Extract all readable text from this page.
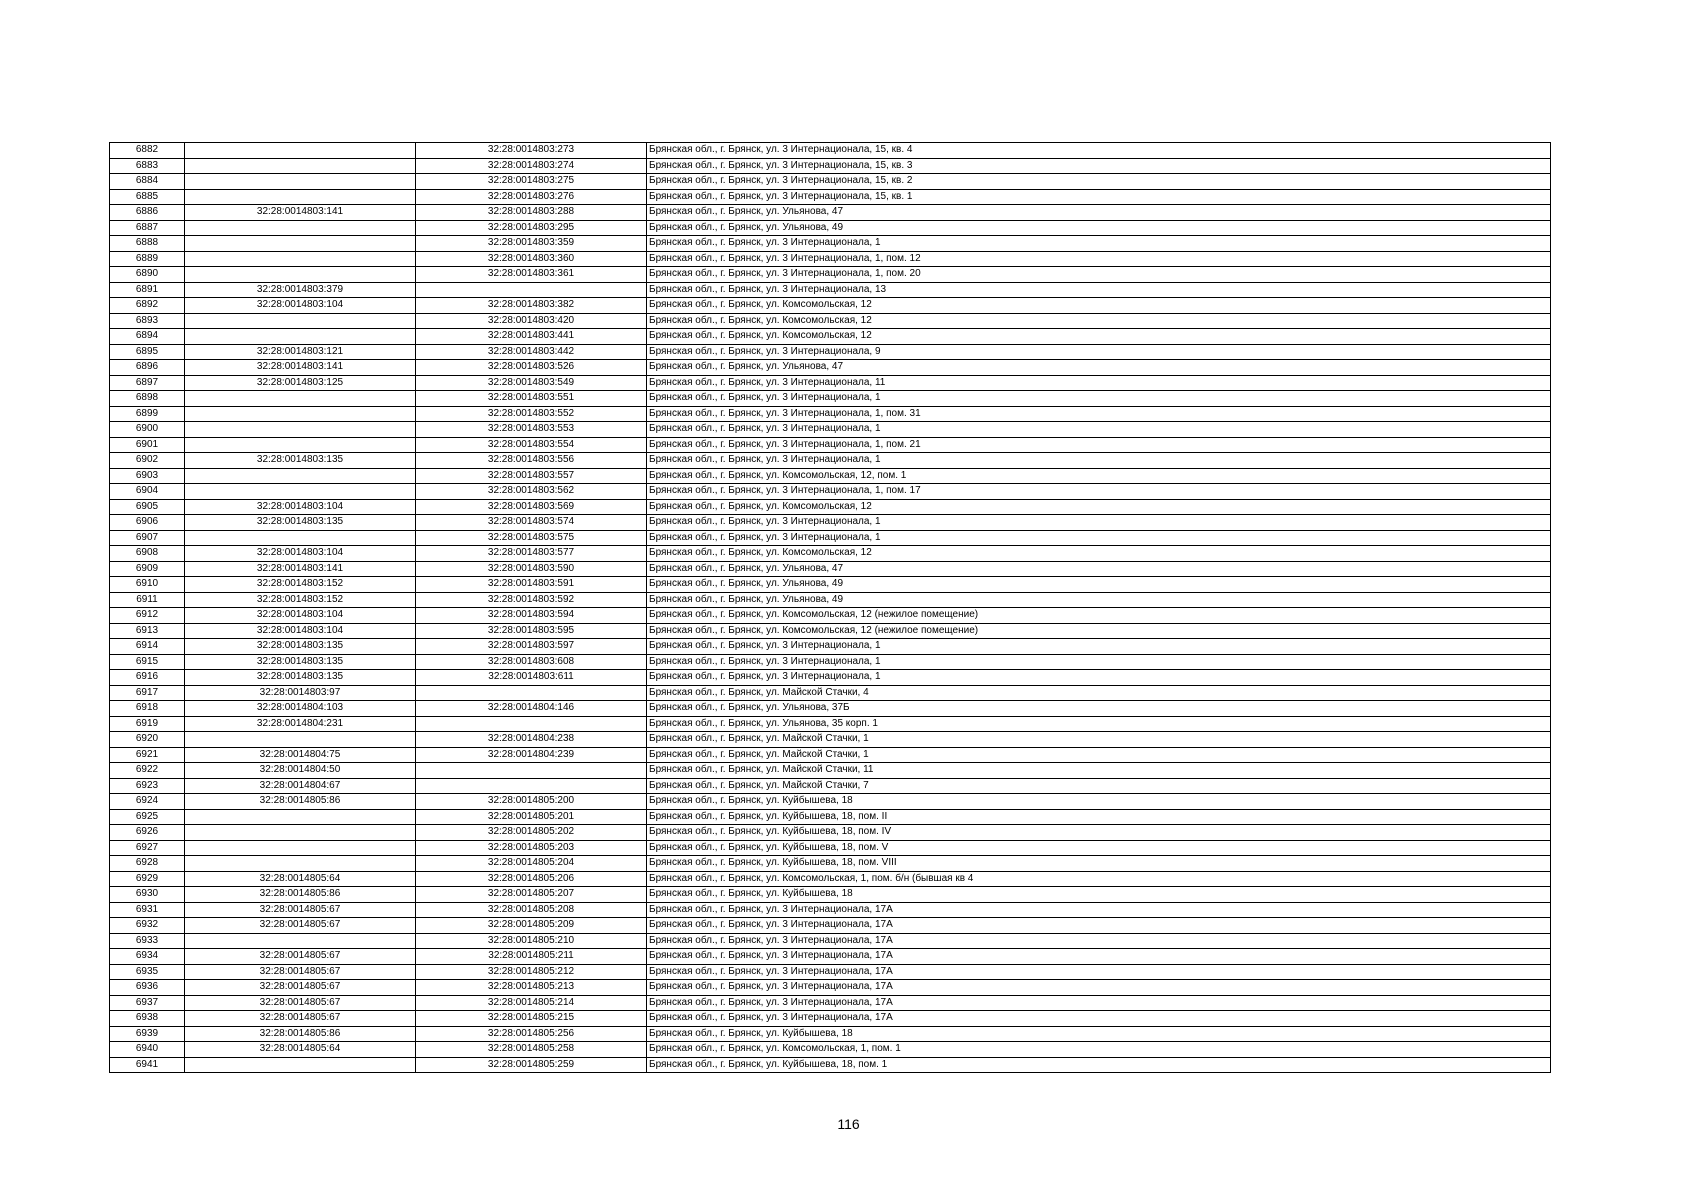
6882		32:28:0014803:273	Брянская обл., г. Брянск, ул. 3 Интернационала, 15, кв. 4
6883		32:28:0014803:274	Брянская обл., г. Брянск, ул. 3 Интернационала, 15, кв. 3
6884		32:28:0014803:275	Брянская обл., г. Брянск, ул. 3 Интернационала, 15, кв. 2
6885		32:28:0014803:276	Брянская обл., г. Брянск, ул. 3 Интернационала, 15, кв. 1
6886	32:28:0014803:141	32:28:0014803:288	Брянская обл., г. Брянск, ул. Ульянова, 47
6887		32:28:0014803:295	Брянская обл., г. Брянск, ул. Ульянова, 49
6888		32:28:0014803:359	Брянская обл., г. Брянск, ул. 3 Интернационала, 1
6889		32:28:0014803:360	Брянская обл., г. Брянск, ул. 3 Интернационала, 1, пом. 12
6890		32:28:0014803:361	Брянская обл., г. Брянск, ул. 3 Интернационала, 1, пом. 20
6891	32:28:0014803:379		Брянская обл., г. Брянск, ул. 3 Интернационала, 13
6892	32:28:0014803:104	32:28:0014803:382	Брянская обл., г. Брянск, ул. Комсомольская, 12
6893		32:28:0014803:420	Брянская обл., г. Брянск, ул. Комсомольская, 12
6894		32:28:0014803:441	Брянская обл., г. Брянск, ул. Комсомольская, 12
6895	32:28:0014803:121	32:28:0014803:442	Брянская обл., г. Брянск, ул. 3 Интернационала, 9
6896	32:28:0014803:141	32:28:0014803:526	Брянская обл., г. Брянск, ул. Ульянова, 47
6897	32:28:0014803:125	32:28:0014803:549	Брянская обл., г. Брянск, ул. 3 Интернационала, 11
6898		32:28:0014803:551	Брянская обл., г. Брянск, ул. 3 Интернационала, 1
6899		32:28:0014803:552	Брянская обл., г. Брянск, ул. 3 Интернационала, 1, пом. 31
6900		32:28:0014803:553	Брянская обл., г. Брянск, ул. 3 Интернационала, 1
6901		32:28:0014803:554	Брянская обл., г. Брянск, ул. 3 Интернационала, 1, пом. 21
6902	32:28:0014803:135	32:28:0014803:556	Брянская обл., г. Брянск, ул. 3 Интернационала, 1
6903		32:28:0014803:557	Брянская обл., г. Брянск, ул. Комсомольская, 12, пом. 1
6904		32:28:0014803:562	Брянская обл., г. Брянск, ул. 3 Интернационала, 1, пом. 17
6905	32:28:0014803:104	32:28:0014803:569	Брянская обл., г. Брянск, ул. Комсомольская, 12
6906	32:28:0014803:135	32:28:0014803:574	Брянская обл., г. Брянск, ул. 3 Интернационала, 1
6907		32:28:0014803:575	Брянская обл., г. Брянск, ул. 3 Интернационала, 1
6908	32:28:0014803:104	32:28:0014803:577	Брянская обл., г. Брянск, ул. Комсомольская, 12
6909	32:28:0014803:141	32:28:0014803:590	Брянская обл., г. Брянск, ул. Ульянова, 47
6910	32:28:0014803:152	32:28:0014803:591	Брянская обл., г. Брянск, ул. Ульянова, 49
6911	32:28:0014803:152	32:28:0014803:592	Брянская обл., г. Брянск, ул. Ульянова, 49
6912	32:28:0014803:104	32:28:0014803:594	Брянская обл., г. Брянск, ул. Комсомольская, 12 (нежилое помещение)
6913	32:28:0014803:104	32:28:0014803:595	Брянская обл., г. Брянск, ул. Комсомольская, 12 (нежилое помещение)
6914	32:28:0014803:135	32:28:0014803:597	Брянская обл., г. Брянск, ул. 3 Интернационала, 1
6915	32:28:0014803:135	32:28:0014803:608	Брянская обл., г. Брянск, ул. 3 Интернационала, 1
6916	32:28:0014803:135	32:28:0014803:611	Брянская обл., г. Брянск, ул. 3 Интернационала, 1
6917	32:28:0014803:97		Брянская обл., г. Брянск, ул. Майской Стачки, 4
6918	32:28:0014804:103	32:28:0014804:146	Брянская обл., г. Брянск, ул. Ульянова, 37Б
6919	32:28:0014804:231		Брянская обл., г. Брянск, ул. Ульянова, 35 корп. 1
6920		32:28:0014804:238	Брянская обл., г. Брянск, ул. Майской Стачки, 1
6921	32:28:0014804:75	32:28:0014804:239	Брянская обл., г. Брянск, ул. Майской Стачки, 1
6922	32:28:0014804:50		Брянская обл., г. Брянск, ул. Майской Стачки, 11
6923	32:28:0014804:67		Брянская обл., г. Брянск, ул. Майской Стачки, 7
6924	32:28:0014805:86	32:28:0014805:200	Брянская обл., г. Брянск, ул. Куйбышева, 18
6925		32:28:0014805:201	Брянская обл., г. Брянск, ул. Куйбышева, 18, пом. II
6926		32:28:0014805:202	Брянская обл., г. Брянск, ул. Куйбышева, 18, пом. IV
6927		32:28:0014805:203	Брянская обл., г. Брянск, ул. Куйбышева, 18, пом. V
6928		32:28:0014805:204	Брянская обл., г. Брянск, ул. Куйбышева, 18, пом. VIII
6929	32:28:0014805:64	32:28:0014805:206	Брянская обл., г. Брянск, ул. Комсомольская, 1, пом. б/н (бывшая кв 4
6930	32:28:0014805:86	32:28:0014805:207	Брянская обл., г. Брянск, ул. Куйбышева, 18
6931	32:28:0014805:67	32:28:0014805:208	Брянская обл., г. Брянск, ул. 3 Интернационала, 17А
6932	32:28:0014805:67	32:28:0014805:209	Брянская обл., г. Брянск, ул. 3 Интернационала, 17А
6933		32:28:0014805:210	Брянская обл., г. Брянск, ул. 3 Интернационала, 17А
6934	32:28:0014805:67	32:28:0014805:211	Брянская обл., г. Брянск, ул. 3 Интернационала, 17А
6935	32:28:0014805:67	32:28:0014805:212	Брянская обл., г. Брянск, ул. 3 Интернационала, 17А
6936	32:28:0014805:67	32:28:0014805:213	Брянская обл., г. Брянск, ул. 3 Интернационала, 17А
6937	32:28:0014805:67	32:28:0014805:214	Брянская обл., г. Брянск, ул. 3 Интернационала, 17А
6938	32:28:0014805:67	32:28:0014805:215	Брянская обл., г. Брянск, ул. 3 Интернационала, 17А
6939	32:28:0014805:86	32:28:0014805:256	Брянская обл., г. Брянск, ул. Куйбышева, 18
6940	32:28:0014805:64	32:28:0014805:258	Брянская обл., г. Брянск, ул. Комсомольская, 1, пом. 1
6941		32:28:0014805:259	Брянская обл., г. Брянск, ул. Куйбышева, 18, пом. 1
116
